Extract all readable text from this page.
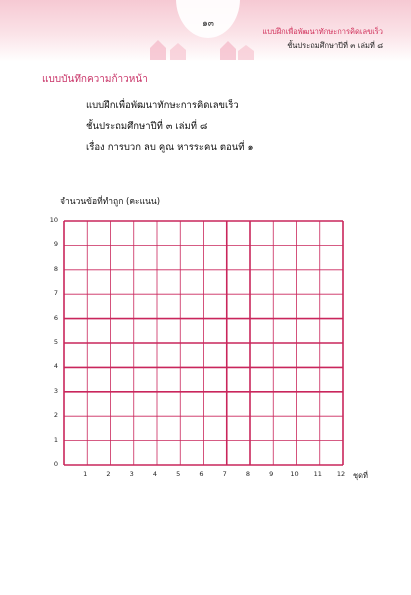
๑๓
แบบฝึกเพื่อพัฒนาทักษะการคิดเลขเร็ว
ชั้นประถมศึกษาปีที่ ๓ เล่มที่ ๘
แบบบันทึกความก้าวหน้า
แบบฝึกเพื่อพัฒนาทักษะการคิดเลขเร็ว
ชั้นประถมศึกษาปีที่ ๓ เล่มที่ ๘
เรื่อง การบวก ลบ คูณ หารระคน ตอนที่ ๑
จำนวนข้อที่ทำถูก (คะแนน)
0
1
2
3
4
5
6
7
8
9
10
1	2	3	4	5	6	7	8	9	10	11	12	ชุดที่
